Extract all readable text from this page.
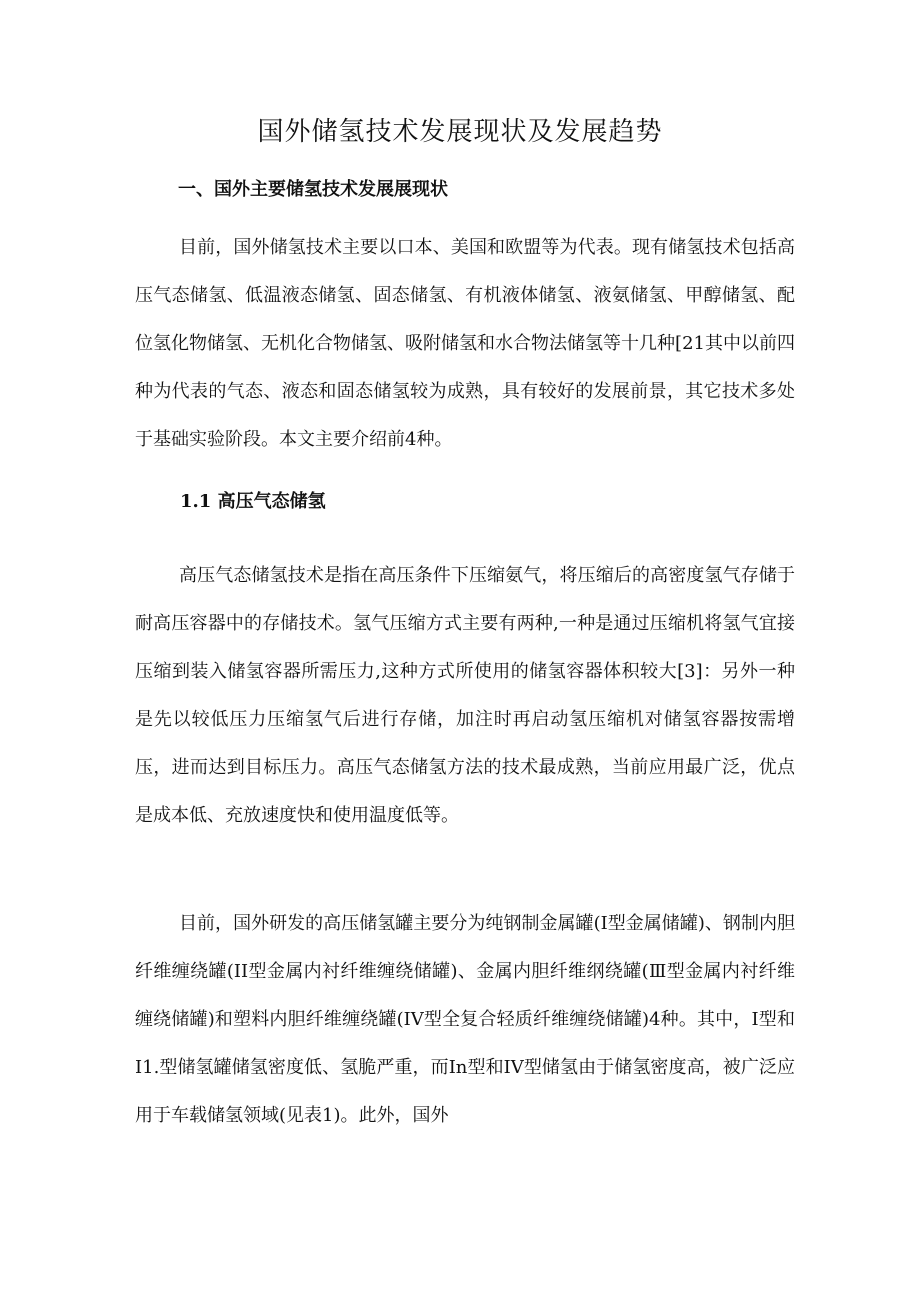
国外储氢技术发展现状及发展趋势
一、国外主要储氢技术发展展现状

目前，国外储氢技术主要以口本、美国和欧盟等为代表。现有储氢技术包括高压气态储氢、低温液态储氢、固态储氢、有机液体储氢、液氨储氢、甲醇储氢、配位氢化物储氢、无机化合物储氢、吸附储氢和水合物法储氢等十几种[21其中以前四种为代表的气态、液态和固态储氢较为成熟，具有较好的发展前景，其它技术多处于基础实验阶段。本文主要介绍前4种。

1.1 高压气态储氢

高压气态储氢技术是指在高压条件下压缩氨气，将压缩后的高密度氢气存储于耐高压容器中的存储技术。氢气压缩方式主要有两种,一种是通过压缩机将氢气宜接压缩到装入储氢容器所需压力,这种方式所使用的储氢容器体积较大[3]：另外一种是先以较低压力压缩氢气后进行存储，加注时再启动氢压缩机对储氢容器按需增压，进而达到目标压力。高压气态储氢方法的技术最成熟，当前应用最广泛，优点是成本低、充放速度快和使用温度低等。

目前，国外研发的高压储氢罐主要分为纯钢制金属罐(I型金属储罐)、钢制内胆纤维缠绕罐(II型金属内衬纤维缠绕储罐)、金属内胆纤维纲绕罐(Ⅲ型金属内衬纤维缠绕储罐)和塑料内胆纤维缠绕罐(IV型全复合轻质纤维缠绕储罐)4种。其中，I型和I1.型储氢罐储氢密度低、氢脆严重，而In型和IV型储氢由于储氢密度高，被广泛应用于车载储氢领域(见表1)。此外，国外
